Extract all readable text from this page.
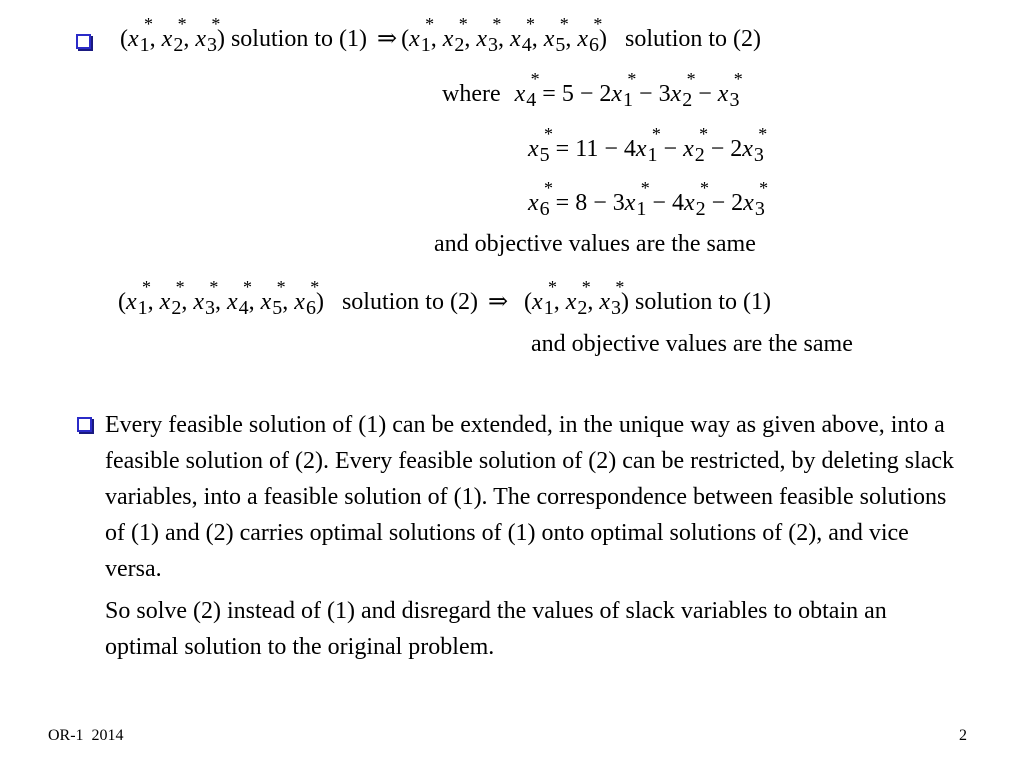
($x_1$
*
, $x_2$
*
, $x_3$
*
) solution to (1) ⇒ ($x_1$
*
, $x_2$
*
, $x_3$
*
, $x_4$
*
, $x_5$
*
, $x_6$
*
) solution to (2)
where $x_4$
*
= $5 - 2x_1$
*
− $3x_2$
*
− $x_3$
*
$x_5$
*
= $11 - 4x_1$
*
− $x_2$
*
− $2x_3$
*
$x_6$
*
= $8 - 3x_1$
*
− $4x_2$
*
− $2x_3$
*
and objective values are the same
($x_1$
*
, $x_2$
*
, $x_3$
*
, $x_4$
*
, $x_5$
*
, $x_6$
*
) solution to (2) ⇒ ($x_1$
*
, $x_2$
*
, $x_3$
*
) solution to (1)
and objective values are the same

Every feasible solution of (1) can be extended, in the unique way as given above, into a feasible solution of (2). Every feasible solution of (2) can be restricted, by deleting slack variables, into a feasible solution of (1). The correspondence between feasible solutions of (1) and (2) carries optimal solutions of (1) onto optimal solutions of (2), and vice versa.

So solve (2) instead of (1) and disregard the values of slack variables to obtain an optimal solution to the original problem.

OR-1  2014	2
